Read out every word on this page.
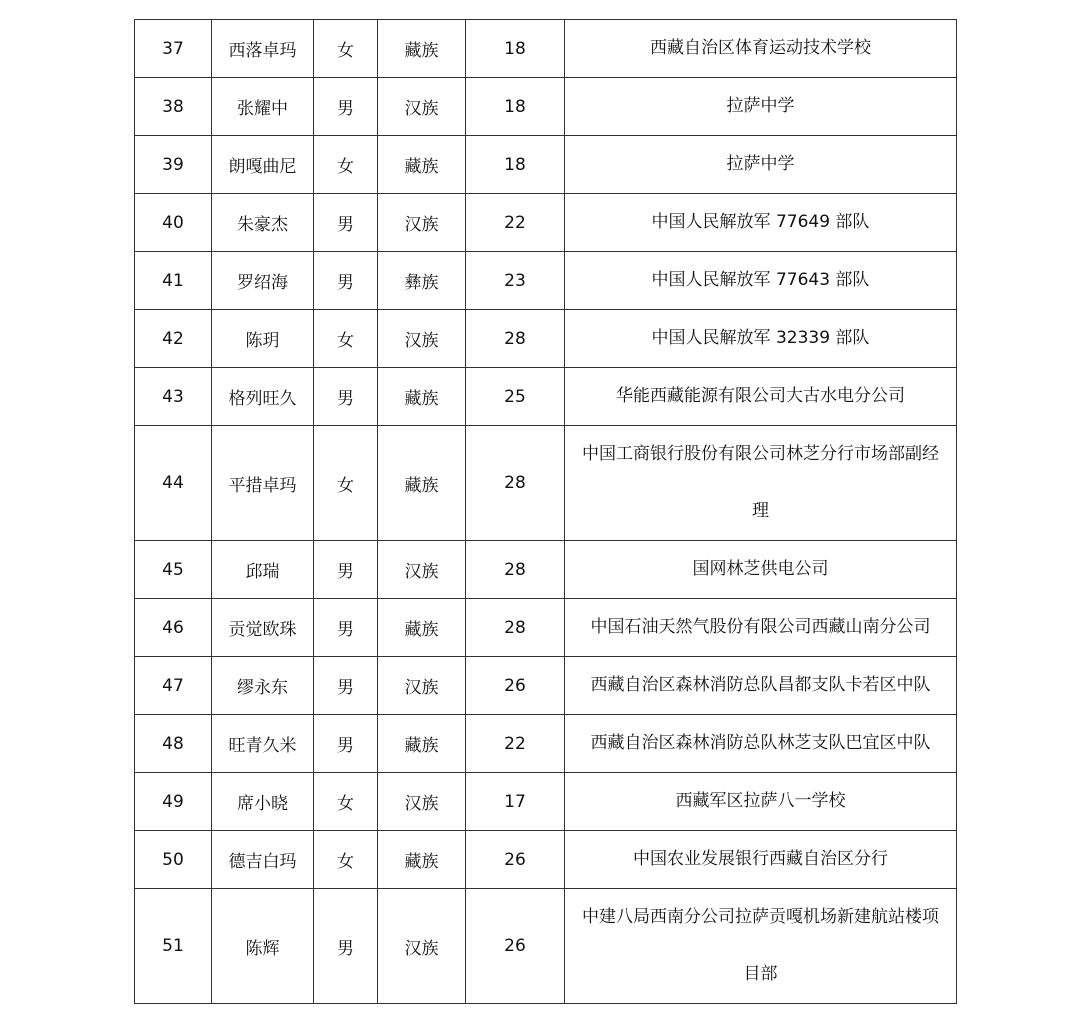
37	西落卓玛	女	藏族	18	西藏自治区体育运动技术学校
38	张耀中	男	汉族	18	拉萨中学
39	朗嘎曲尼	女	藏族	18	拉萨中学
40	朱豪杰	男	汉族	22	中国人民解放军 77649 部队
41	罗绍海	男	彝族	23	中国人民解放军 77643 部队
42	陈玥	女	汉族	28	中国人民解放军 32339 部队
43	格列旺久	男	藏族	25	华能西藏能源有限公司大古水电分公司
44	平措卓玛	女	藏族	28	中国工商银行股份有限公司林芝分行市场部副经理
45	邱瑞	男	汉族	28	国网林芝供电公司
46	贡觉欧珠	男	藏族	28	中国石油天然气股份有限公司西藏山南分公司
47	缪永东	男	汉族	26	西藏自治区森林消防总队昌都支队卡若区中队
48	旺青久米	男	藏族	22	西藏自治区森林消防总队林芝支队巴宜区中队
49	席小晓	女	汉族	17	西藏军区拉萨八一学校
50	德吉白玛	女	藏族	26	中国农业发展银行西藏自治区分行
51	陈辉	男	汉族	26	中建八局西南分公司拉萨贡嘎机场新建航站楼项目部
